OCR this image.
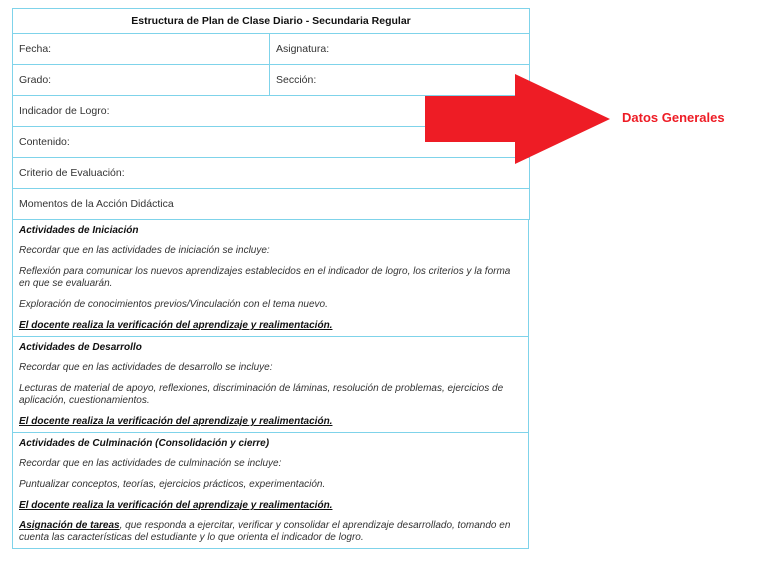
Estructura de Plan de Clase Diario - Secundaria Regular	
Fecha:	Asignatura:
Grado:	Sección:
Indicador de Logro:	
Contenido:	
Criterio de Evaluación:	
Momentos de la Acción Didáctica	

Actividades de Iniciación

Recordar que en las actividades de iniciación se incluye:

Reflexión para comunicar los nuevos aprendizajes establecidos en el indicador de logro, los criterios y la forma en que se evaluarán.

Exploración de conocimientos previos/Vinculación con el tema nuevo.

El docente realiza la verificación del aprendizaje y realimentación.

Actividades de Desarrollo

Recordar que en las actividades de desarrollo se incluye:

Lecturas de material de apoyo, reflexiones, discriminación de láminas, resolución de problemas, ejercicios de aplicación, cuestionamientos.

El docente realiza la verificación del aprendizaje y realimentación.

Actividades de Culminación (Consolidación y cierre)

Recordar que en las actividades de culminación se incluye:

Puntualizar conceptos, teorías, ejercicios prácticos, experimentación.

El docente realiza la verificación del aprendizaje y realimentación.

Asignación de tareas, que responda a ejercitar, verificar y consolidar el aprendizaje desarrollado, tomando en cuenta las características del estudiante y lo que orienta el indicador de logro.

Datos Generales
